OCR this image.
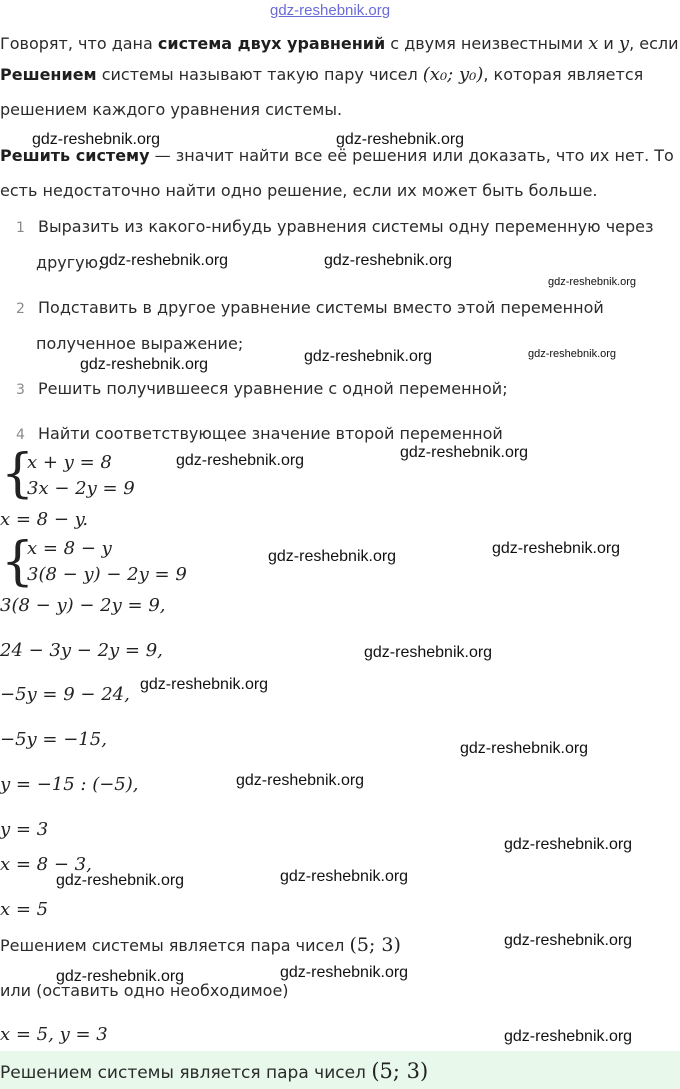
gdz-reshebnik.org
Говорят, что дана система двух уравнений с двумя неизвестными x и y, если
Решением системы называют такую пару чисел (x₀; y₀), которая является
решением каждого уравнения системы.
Решить систему — значит найти все её решения или доказать, что их нет. То
есть недостаточно найти одно решение, если их может быть больше.
1 Выразить из какого-нибудь уравнения системы одну переменную через
другую;
2 Подставить в другое уравнение системы вместо этой переменной
полученное выражение;
3 Решить получившееся уравнение с одной переменной;
4 Найти соответствующее значение второй переменной
{
x + y = 8
3x − 2y = 9
x = 8 − y.
{
x = 8 − y
3(8 − y) − 2y = 9
3(8 − y) − 2y = 9,
24 − 3y − 2y = 9,
−5y = 9 − 24,
−5y = −15,
y = −15 : (−5),
y = 3
x = 8 − 3,
x = 5
Решением системы является пара чисел (5; 3)
или (оставить одно необходимое)
x = 5, y = 3
Решением системы является пара чисел (5; 3)
gdz-reshebnik.org	gdz-reshebnik.org
gdz-reshebnik.org	gdz-reshebnik.org
gdz-reshebnik.org
gdz-reshebnik.org	gdz-reshebnik.org
gdz-reshebnik.org
gdz-reshebnik.org
gdz-reshebnik.org
gdz-reshebnik.org
gdz-reshebnik.org
gdz-reshebnik.org
gdz-reshebnik.org
gdz-reshebnik.org
gdz-reshebnik.org
gdz-reshebnik.org
gdz-reshebnik.org
gdz-reshebnik.org
gdz-reshebnik.org
gdz-reshebnik.org
gdz-reshebnik.org
gdz-reshebnik.org
